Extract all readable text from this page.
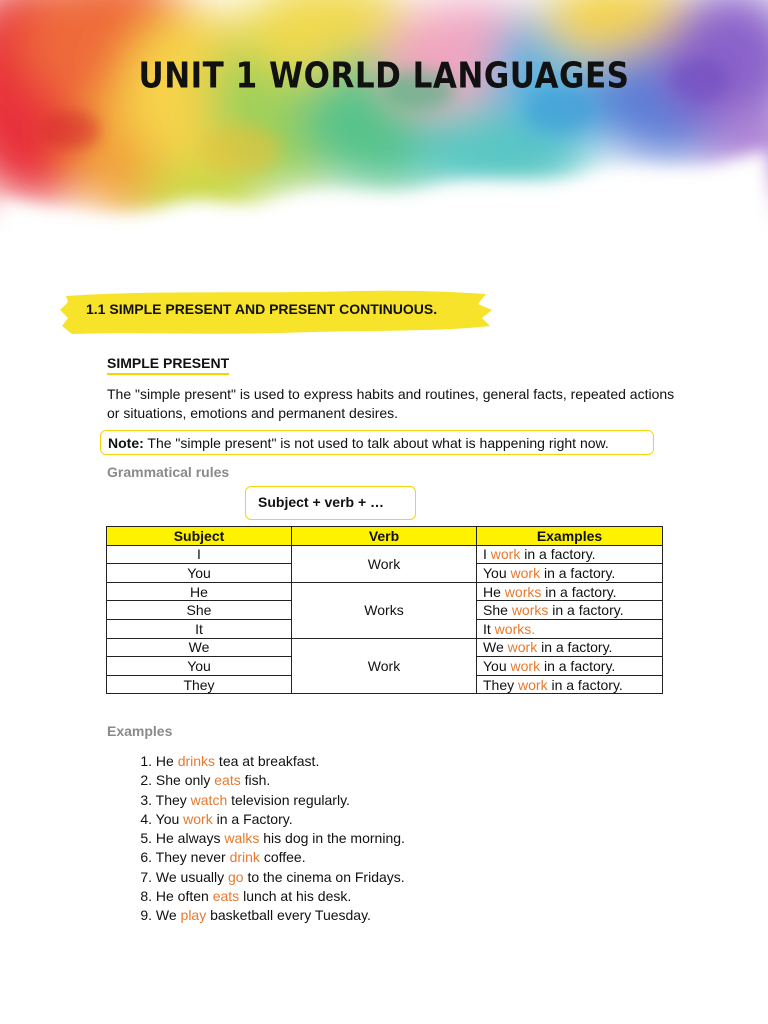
UNIT 1 WORLD LANGUAGES
1.1 SIMPLE PRESENT AND PRESENT CONTINUOUS.
SIMPLE PRESENT
The "simple present" is used to express habits and routines, general facts, repeated actions or situations, emotions and permanent desires.
Note: The "simple present" is not used to talk about what is happening right now.
Grammatical rules
Subject + verb + …
Subject	Verb	Examples
I	Work	I work in a factory.
You		You work in a factory.
He	Works	He works in a factory.
She		She works in a factory.
It		It works.
We	Work	We work in a factory.
You		You work in a factory.
They		They work in a factory.
Examples
1. He drinks tea at breakfast.
2. She only eats fish.
3. They watch television regularly.
4. You work in a Factory.
5. He always walks his dog in the morning.
6. They never drink coffee.
7. We usually go to the cinema on Fridays.
8. He often eats lunch at his desk.
9. We play basketball every Tuesday.
